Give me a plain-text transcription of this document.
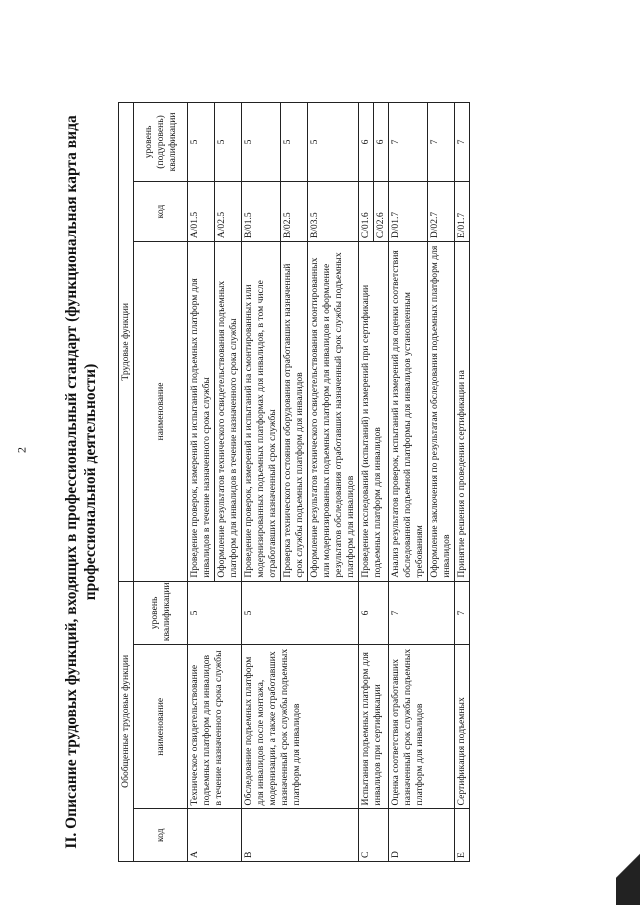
2 II. Описание трудовых функций, входящих в профессиональный стандарт (функциональная карта вида профессиональной деятельности)
Обобщенные трудовые функции			Трудовые функции		
код	наименование	уровень квалификации	наименование	код	уровень (подуровень) квалификации
A	Техническое освидетельствование подъемных платформ для инвалидов в течение назначенного срока службы	5	Проведение проверок, измерений и испытаний подъемных платформ для инвалидов в течение назначенного срока службы	A/01.5	5
			Оформление результатов технического освидетельствования подъемных платформ для инвалидов в течение назначенного срока службы	A/02.5	5
B	Обследование подъемных платформ для инвалидов после монтажа, модернизации, а также отработавших назначенный срок службы подъемных платформ для инвалидов	5	Проведение проверок, измерений и испытаний на смонтированных или модернизированных подъемных платформах для инвалидов, в том числе отработавших назначенный срок службы	B/01.5	5
			Проверка технического состояния оборудования отработавших назначенный срок службы подъемных платформ для инвалидов	B/02.5	5
			Оформление результатов технического освидетельствования смонтированных или модернизированных подъемных платформ для инвалидов и оформление результатов обследования отработавших назначенный срок службы подъемных платформ для инвалидов	B/03.5	5
C	Испытания подъемных платформ для инвалидов при сертификации	6	Проведение исследований (испытаний) и измерений при сертификации подъемных платформ для инвалидов	C/01.6	6
				C/02.6	6
D	Оценка соответствия отработавших назначенный срок службы подъемных платформ для инвалидов	7	Анализ результатов проверок, испытаний и измерений для оценки соответствия обследованной подъемной платформы для инвалидов установленным требованиям	D/01.7	7
			Оформление заключения по результатам обследования подъемных платформ для инвалидов	D/02.7	7
E	Сертификация подъемных	7	Принятие решения о проведении сертификации на	E/01.7	7
